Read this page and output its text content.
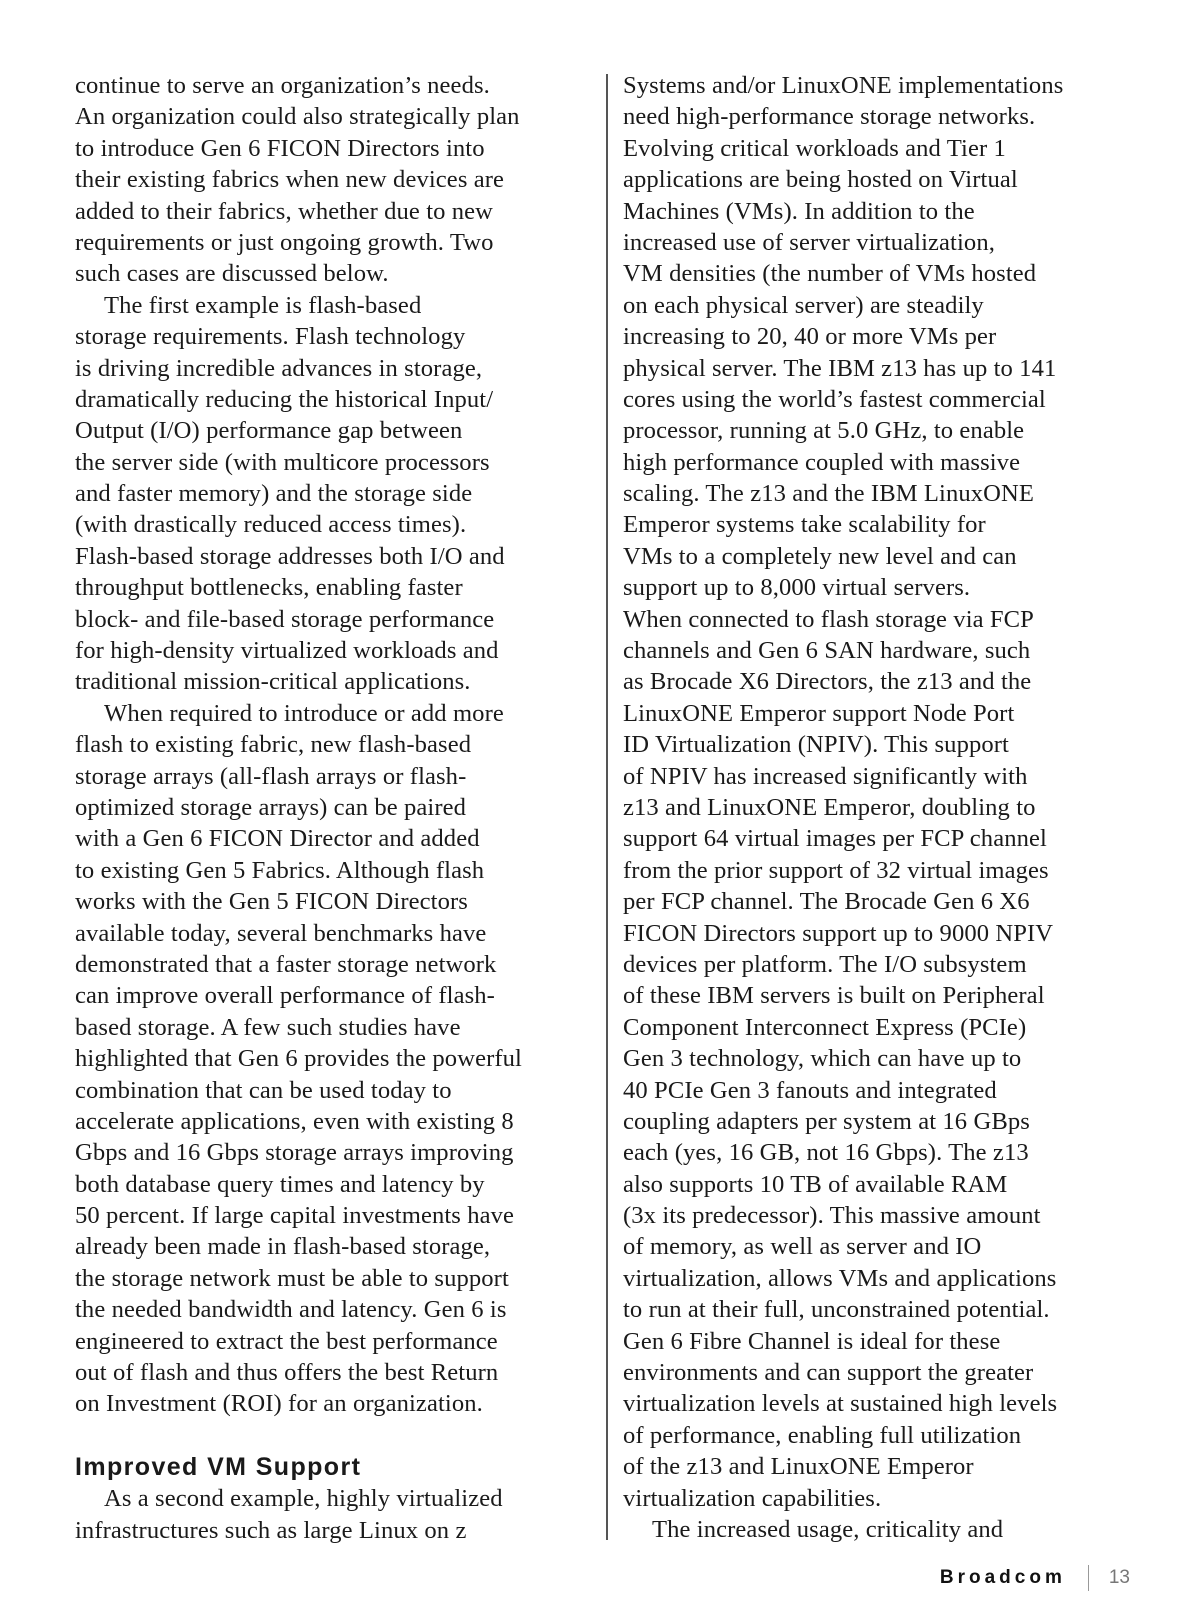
continue to serve an organization’s needs.
An organization could also strategically plan
to introduce Gen 6 FICON Directors into
their existing fabrics when new devices are
added to their fabrics, whether due to new
requirements or just ongoing growth. Two
such cases are discussed below.
The first example is flash-based
storage requirements. Flash technology
is driving incredible advances in storage,
dramatically reducing the historical Input/
Output (I/O) performance gap between
the server side (with multicore processors
and faster memory) and the storage side
(with drastically reduced access times).
Flash-based storage addresses both I/O and
throughput bottlenecks, enabling faster
block- and file-based storage performance
for high-density virtualized workloads and
traditional mission-critical applications.
When required to introduce or add more
flash to existing fabric, new flash-based
storage arrays (all-flash arrays or flash-
optimized storage arrays) can be paired
with a Gen 6 FICON Director and added
to existing Gen 5 Fabrics. Although flash
works with the Gen 5 FICON Directors
available today, several benchmarks have
demonstrated that a faster storage network
can improve overall performance of flash-
based storage. A few such studies have
highlighted that Gen 6 provides the powerful
combination that can be used today to
accelerate applications, even with existing 8
Gbps and 16 Gbps storage arrays improving
both database query times and latency by
50 percent. If large capital investments have
already been made in flash-based storage,
the storage network must be able to support
the needed bandwidth and latency. Gen 6 is
engineered to extract the best performance
out of flash and thus offers the best Return
on Investment (ROI) for an organization.
Improved VM Support
As a second example, highly virtualized
infrastructures such as large Linux on z
Systems and/or LinuxONE implementations
need high-performance storage networks.
Evolving critical workloads and Tier 1
applications are being hosted on Virtual
Machines (VMs). In addition to the
increased use of server virtualization,
VM densities (the number of VMs hosted
on each physical server) are steadily
increasing to 20, 40 or more VMs per
physical server. The IBM z13 has up to 141
cores using the world’s fastest commercial
processor, running at 5.0 GHz, to enable
high performance coupled with massive
scaling. The z13 and the IBM LinuxONE
Emperor systems take scalability for
VMs to a completely new level and can
support up to 8,000 virtual servers.
When connected to flash storage via FCP
channels and Gen 6 SAN hardware, such
as Brocade X6 Directors, the z13 and the
LinuxONE Emperor support Node Port
ID Virtualization (NPIV). This support
of NPIV has increased significantly with
z13 and LinuxONE Emperor, doubling to
support 64 virtual images per FCP channel
from the prior support of 32 virtual images
per FCP channel. The Brocade Gen 6 X6
FICON Directors support up to 9000 NPIV
devices per platform. The I/O subsystem
of these IBM servers is built on Peripheral
Component Interconnect Express (PCIe)
Gen 3 technology, which can have up to
40 PCIe Gen 3 fanouts and integrated
coupling adapters per system at 16 GBps
each (yes, 16 GB, not 16 Gbps). The z13
also supports 10 TB of available RAM
(3x its predecessor). This massive amount
of memory, as well as server and IO
virtualization, allows VMs and applications
to run at their full, unconstrained potential.
Gen 6 Fibre Channel is ideal for these
environments and can support the greater
virtualization levels at sustained high levels
of performance, enabling full utilization
of the z13 and LinuxONE Emperor
virtualization capabilities.
The increased usage, criticality and
Broadcom 13
